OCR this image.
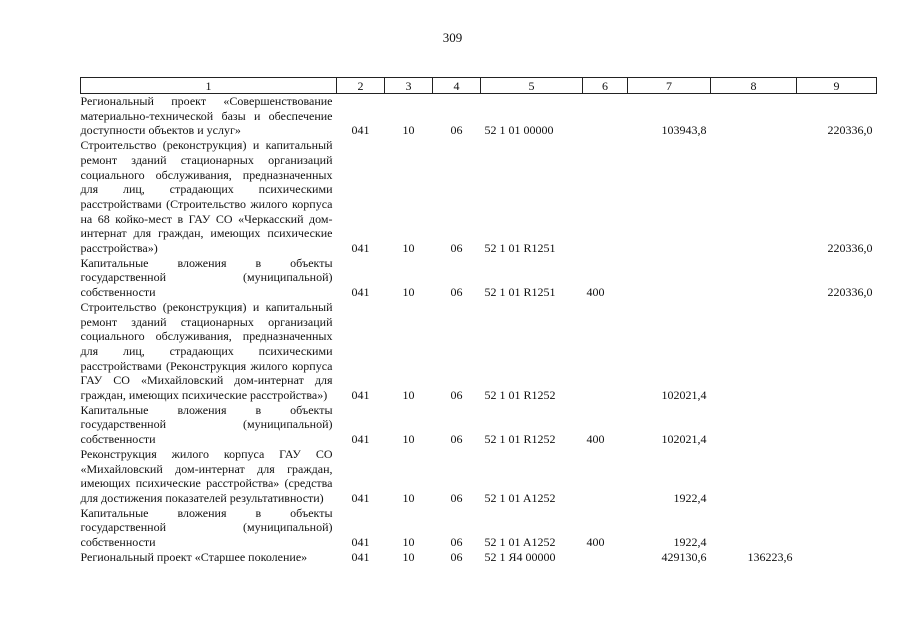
309
1	2	3	4	5	6	7	8	9
Региональный проект «Совершенствование материально-технической базы и обеспечение доступности объектов и услуг»	041	10	06	52 1 01 00000		103943,8		220336,0
Строительство (реконструкция) и капитальный ремонт зданий стационарных организаций социального обслуживания, предназначенных для лиц, страдающих психическими расстройствами (Строительство жилого корпуса на 68 койко-мест в ГАУ СО «Черкасский дом-интернат для граждан, имеющих психические расстройства»)	041	10	06	52 1 01 R1251				220336,0
Капитальные вложения в объекты государственной (муниципальной) собственности	041	10	06	52 1 01 R1251	400			220336,0
Строительство (реконструкция) и капитальный ремонт зданий стационарных организаций социального обслуживания, предназначенных для лиц, страдающих психическими расстройствами (Реконструкция жилого корпуса ГАУ СО «Михайловский дом-интернат для граждан, имеющих психические расстройства»)	041	10	06	52 1 01 R1252		102021,4		
Капитальные вложения в объекты государственной (муниципальной) собственности	041	10	06	52 1 01 R1252	400	102021,4		
Реконструкция жилого корпуса ГАУ СО «Михайловский дом-интернат для граждан, имеющих психические расстройства» (средства для достижения показателей результативности)	041	10	06	52 1 01 A1252		1922,4		
Капитальные вложения в объекты государственной (муниципальной) собственности	041	10	06	52 1 01 A1252	400	1922,4		
Региональный проект «Старшее поколение»	041	10	06	52 1 Я4 00000		429130,6	136223,6	
